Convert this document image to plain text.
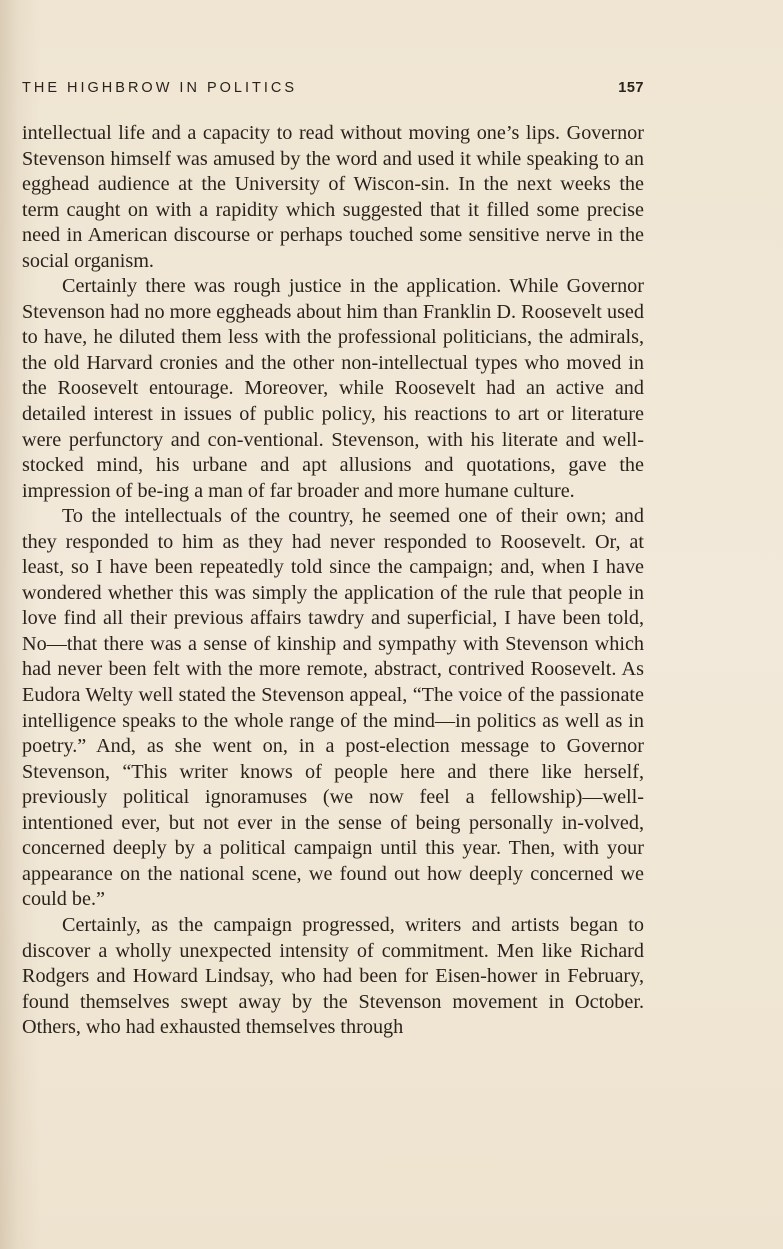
THE HIGHBROW IN POLITICS	157

intellectual life and a capacity to read without moving one’s lips. Governor Stevenson himself was amused by the word and used it while speaking to an egghead audience at the University of Wiscon-sin. In the next weeks the term caught on with a rapidity which suggested that it filled some precise need in American discourse or perhaps touched some sensitive nerve in the social organism.

Certainly there was rough justice in the application. While Governor Stevenson had no more eggheads about him than Franklin D. Roosevelt used to have, he diluted them less with the professional politicians, the admirals, the old Harvard cronies and the other non-intellectual types who moved in the Roosevelt entourage. Moreover, while Roosevelt had an active and detailed interest in issues of public policy, his reactions to art or literature were perfunctory and con-ventional. Stevenson, with his literate and well-stocked mind, his urbane and apt allusions and quotations, gave the impression of be-ing a man of far broader and more humane culture.

To the intellectuals of the country, he seemed one of their own; and they responded to him as they had never responded to Roosevelt. Or, at least, so I have been repeatedly told since the campaign; and, when I have wondered whether this was simply the application of the rule that people in love find all their previous affairs tawdry and superficial, I have been told, No—that there was a sense of kinship and sympathy with Stevenson which had never been felt with the more remote, abstract, contrived Roosevelt. As Eudora Welty well stated the Stevenson appeal, “The voice of the passionate intelligence speaks to the whole range of the mind—in politics as well as in poetry.” And, as she went on, in a post-election message to Governor Stevenson, “This writer knows of people here and there like herself, previously political ignoramuses (we now feel a fellowship)—well-intentioned ever, but not ever in the sense of being personally in-volved, concerned deeply by a political campaign until this year. Then, with your appearance on the national scene, we found out how deeply concerned we could be.”

Certainly, as the campaign progressed, writers and artists began to discover a wholly unexpected intensity of commitment. Men like Richard Rodgers and Howard Lindsay, who had been for Eisen-hower in February, found themselves swept away by the Stevenson movement in October. Others, who had exhausted themselves through
